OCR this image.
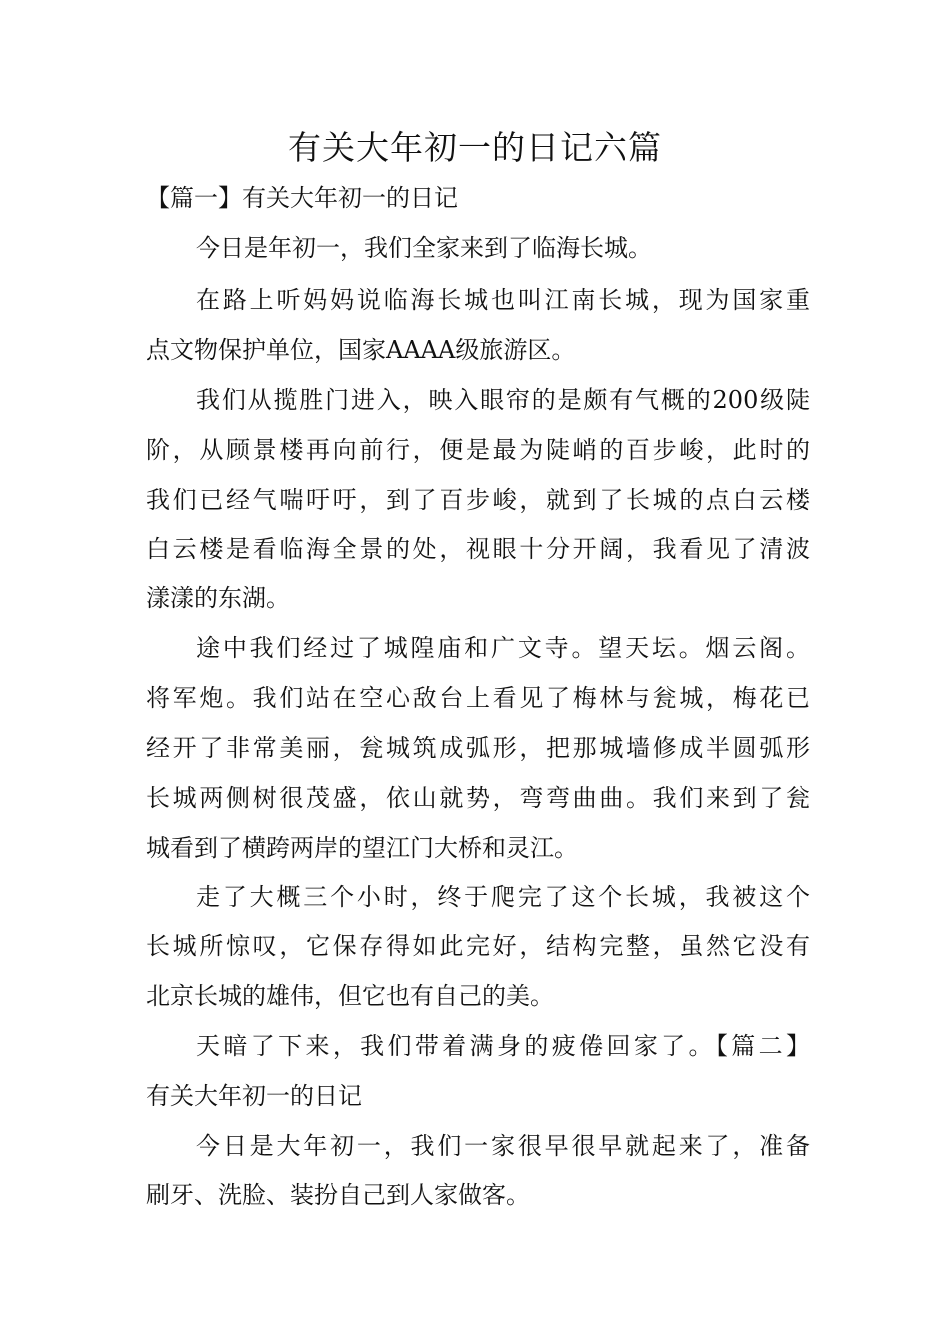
有关大年初一的日记六篇
【篇一】有关大年初一的日记
今日是年初一，我们全家来到了临海长城。
在路上听妈妈说临海长城也叫江南长城，现为国家重
点文物保护单位，国家AAAA级旅游区。
我们从揽胜门进入，映入眼帘的是颇有气概的200级陡
阶，从顾景楼再向前行，便是最为陡峭的百步峻，此时的
我们已经气喘吁吁，到了百步峻，就到了长城的点白云楼
白云楼是看临海全景的处，视眼十分开阔，我看见了清波
漾漾的东湖。
途中我们经过了城隍庙和广文寺。望天坛。烟云阁。
将军炮。我们站在空心敌台上看见了梅林与瓮城，梅花已
经开了非常美丽，瓮城筑成弧形，把那城墙修成半圆弧形
长城两侧树很茂盛，依山就势，弯弯曲曲。我们来到了瓮
城看到了横跨两岸的望江门大桥和灵江。
走了大概三个小时，终于爬完了这个长城，我被这个
长城所惊叹，它保存得如此完好，结构完整，虽然它没有
北京长城的雄伟，但它也有自己的美。
天暗了下来，我们带着满身的疲倦回家了。【篇二】
有关大年初一的日记
今日是大年初一，我们一家很早很早就起来了，准备
刷牙、洗脸、装扮自己到人家做客。
